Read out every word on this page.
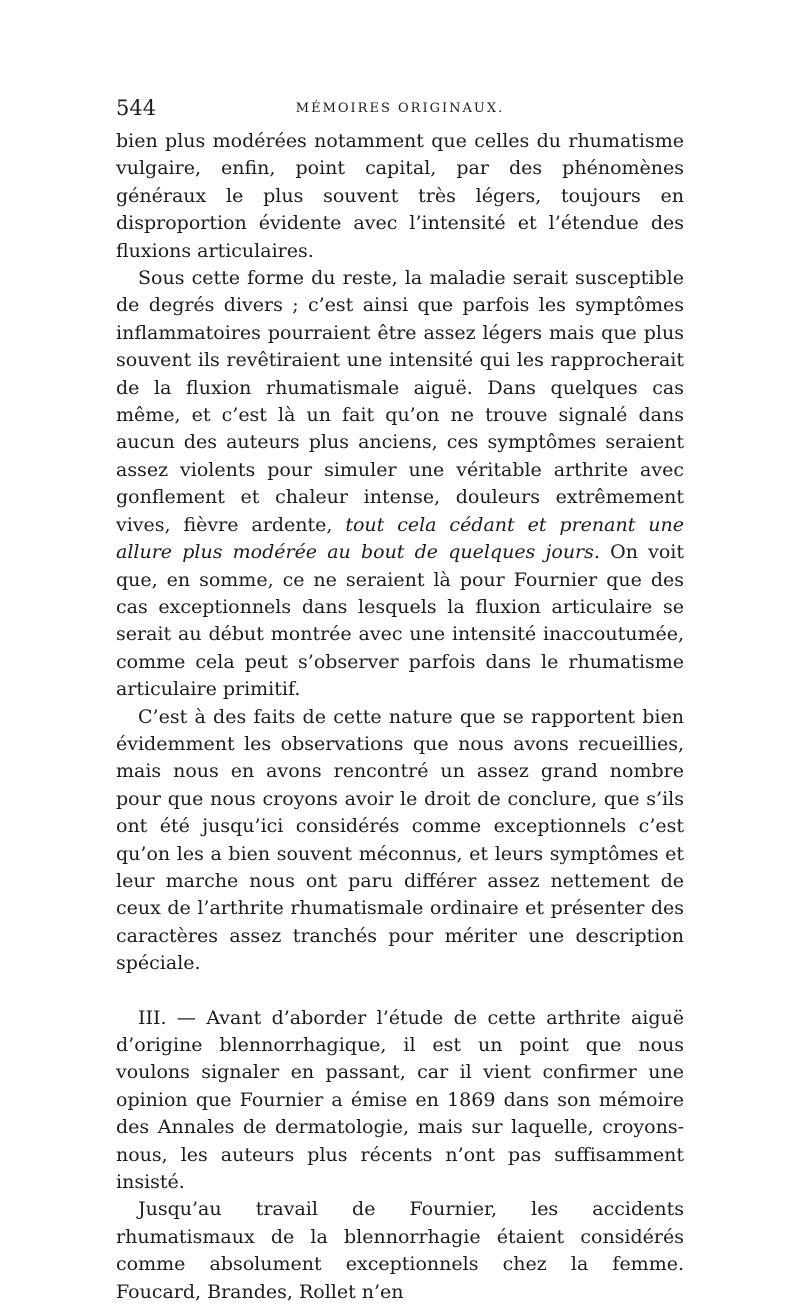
544	MÉMOIRES ORIGINAUX.

bien plus modérées notamment que celles du rhumatisme vulgaire, enfin, point capital, par des phénomènes généraux le plus souvent très légers, toujours en disproportion évidente avec l’intensité et l’étendue des fluxions articulaires.

Sous cette forme du reste, la maladie serait susceptible de degrés divers ; c’est ainsi que parfois les symptômes inflammatoires pourraient être assez légers mais que plus souvent ils revêtiraient une intensité qui les rapprocherait de la fluxion rhumatismale aiguë. Dans quelques cas même, et c’est là un fait qu’on ne trouve signalé dans aucun des auteurs plus anciens, ces symptômes seraient assez violents pour simuler une véritable arthrite avec gonflement et chaleur intense, douleurs extrêmement vives, fièvre ardente, tout cela cédant et prenant une allure plus modérée au bout de quelques jours. On voit que, en somme, ce ne seraient là pour Fournier que des cas exceptionnels dans lesquels la fluxion articulaire se serait au début montrée avec une intensité inaccoutumée, comme cela peut s’observer parfois dans le rhumatisme articulaire primitif.

C’est à des faits de cette nature que se rapportent bien évidemment les observations que nous avons recueillies, mais nous en avons rencontré un assez grand nombre pour que nous croyons avoir le droit de conclure, que s’ils ont été jusqu’ici considérés comme exceptionnels c’est qu’on les a bien souvent méconnus, et leurs symptômes et leur marche nous ont paru différer assez nettement de ceux de l’arthrite rhumatismale ordinaire et présenter des caractères assez tranchés pour mériter une description spéciale.

III. — Avant d’aborder l’étude de cette arthrite aiguë d’origine blennorrhagique, il est un point que nous voulons signaler en passant, car il vient confirmer une opinion que Fournier a émise en 1869 dans son mémoire des Annales de dermatologie, mais sur laquelle, croyons-nous, les auteurs plus récents n’ont pas suffisamment insisté.

Jusqu’au travail de Fournier, les accidents rhumatismaux de la blennorrhagie étaient considérés comme absolument exceptionnels chez la femme. Foucard, Brandes, Rollet n’en
